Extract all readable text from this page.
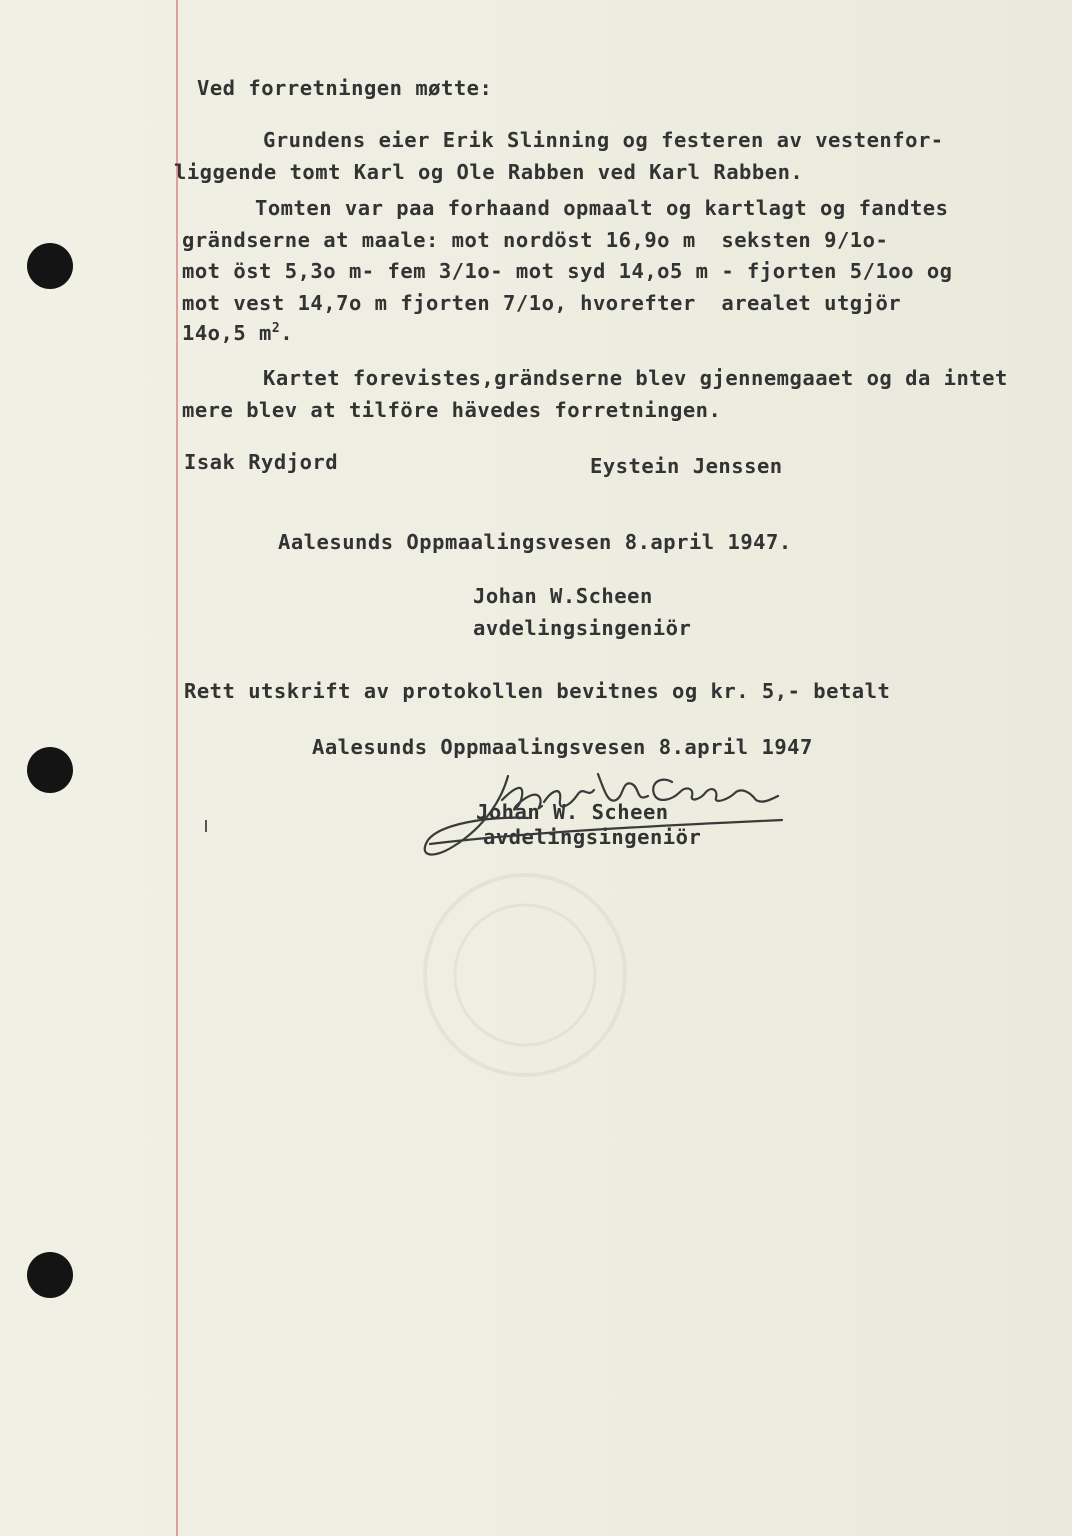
Ved forretningen møtte:
Grundens eier Erik Slinning og festeren av vestenfor-
liggende tomt Karl og Ole Rabben ved Karl Rabben.
Tomten var paa forhaand opmaalt og kartlagt og fandtes
grändserne at maale: mot nordöst 16,9o m  seksten 9/1o-
mot öst 5,3o m- fem 3/1o- mot syd 14,o5 m - fjorten 5/1oo og
mot vest 14,7o m fjorten 7/1o, hvorefter  arealet utgjör
14o,5 $m^2$.
Kartet forevistes,grändserne blev gjennemgaaet og da intet
mere blev at tilföre hävedes forretningen.
Isak Rydjord	Eystein Jenssen
Aalesunds Oppmaalingsvesen 8.april 1947.
Johan W.Scheen
avdelingsingeniör
Rett utskrift av protokollen bevitnes og kr. 5,- betalt
Aalesunds Oppmaalingsvesen 8.april 1947
Johan W. Scheen
avdelingsingeniör
